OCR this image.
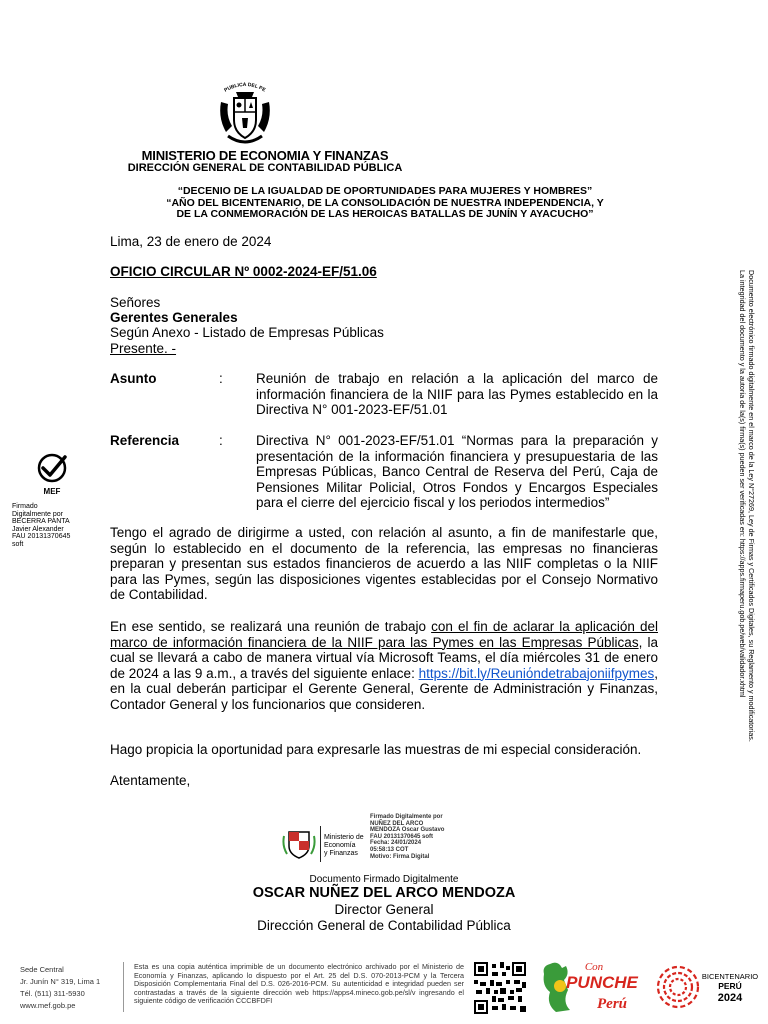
PUBLICA DEL PE
MINISTERIO DE ECONOMIA Y FINANZAS
DIRECCIÓN GENERAL DE CONTABILIDAD PÚBLICA
“DECENIO DE LA IGUALDAD DE OPORTUNIDADES PARA MUJERES Y HOMBRES”
“AÑO DEL BICENTENARIO, DE LA CONSOLIDACIÓN DE NUESTRA INDEPENDENCIA, Y
DE LA CONMEMORACIÓN DE LAS HEROICAS BATALLAS DE JUNÍN Y AYACUCHO”
Lima, 23 de enero de 2024
OFICIO CIRCULAR Nº 0002-2024-EF/51.06
Señores
Gerentes Generales
Según Anexo - Listado de Empresas Públicas
Presente. -
Asunto	: Reunión de trabajo en relación a la aplicación del marco de información financiera de la NIIF para las Pymes establecido en la Directiva N° 001-2023-EF/51.01
Referencia	: Directiva N° 001-2023-EF/51.01 “Normas para la preparación y presentación de la información financiera y presupuestaria de las Empresas Públicas, Banco Central de Reserva del Perú, Caja de Pensiones Militar Policial, Otros Fondos y Encargos Especiales para el cierre del ejercicio fiscal y los periodos intermedios”
Tengo el agrado de dirigirme a usted, con relación al asunto, a fin de manifestarle que, según lo establecido en el documento de la referencia, las empresas no financieras preparan y presentan sus estados financieros de acuerdo a las NIIF completas o la NIIF para las Pymes, según las disposiciones vigentes establecidas por el Consejo Normativo de Contabilidad.
En ese sentido, se realizará una reunión de trabajo con el fin de aclarar la aplicación del marco de información financiera de la NIIF para las Pymes en las Empresas Públicas, la cual se llevará a cabo de manera virtual vía Microsoft Teams, el día miércoles 31 de enero de 2024 a las 9 a.m., a través del siguiente enlace: https://bit.ly/Reuniόndetrabajoniifpymes, en la cual deberán participar el Gerente General, Gerente de Administración y Finanzas, Contador General y los funcionarios que consideren.
Hago propicia la oportunidad para expresarle las muestras de mi especial consideración.
Atentamente,
MEF
Firmado
Digitalmente por
BECERRA PANTA
Javier Alexander
FAU 20131370645
soft	Documento electrónico firmado digitalmente en el marco de la Ley N°27269, Ley de Firmas y Certificados Digitales, su Reglamento y modificatorias.
La integridad del documento y la autoría de la(s) firma(s) pueden ser verificadas en: https://apps.firmaperu.gob.pe/web/validador.xhtml
Ministerio de
Economía
y Finanzas
Firmado Digitalmente por
NUÑEZ DEL ARCO
MENDOZA Oscar Gustavo
FAU 20131370645 soft
Fecha: 24/01/2024
05:58:13 COT
Motivo: Firma Digital
Documento Firmado Digitalmente
OSCAR NUÑEZ DEL ARCO MENDOZA
Director General
Dirección General de Contabilidad Pública
Sede Central
Jr. Junín N° 319, Lima 1
Tél. (511) 311-5930
www.mef.gob.pe
Esta es una copia auténtica imprimible de un documento electrónico archivado por el Ministerio de Economía y Finanzas, aplicando lo dispuesto por el Art. 25 del D.S. 070-2013-PCM y la Tercera Disposición Complementaria Final del D.S. 026-2016-PCM. Su autenticidad e integridad pueden ser contrastadas a través de la siguiente dirección web https://apps4.mineco.gob.pe/sl/v ingresando el siguiente código de verificación CCCBFDFI
Con
PUNCHE
Perú
BICENTENARIO
PERÚ
2024
